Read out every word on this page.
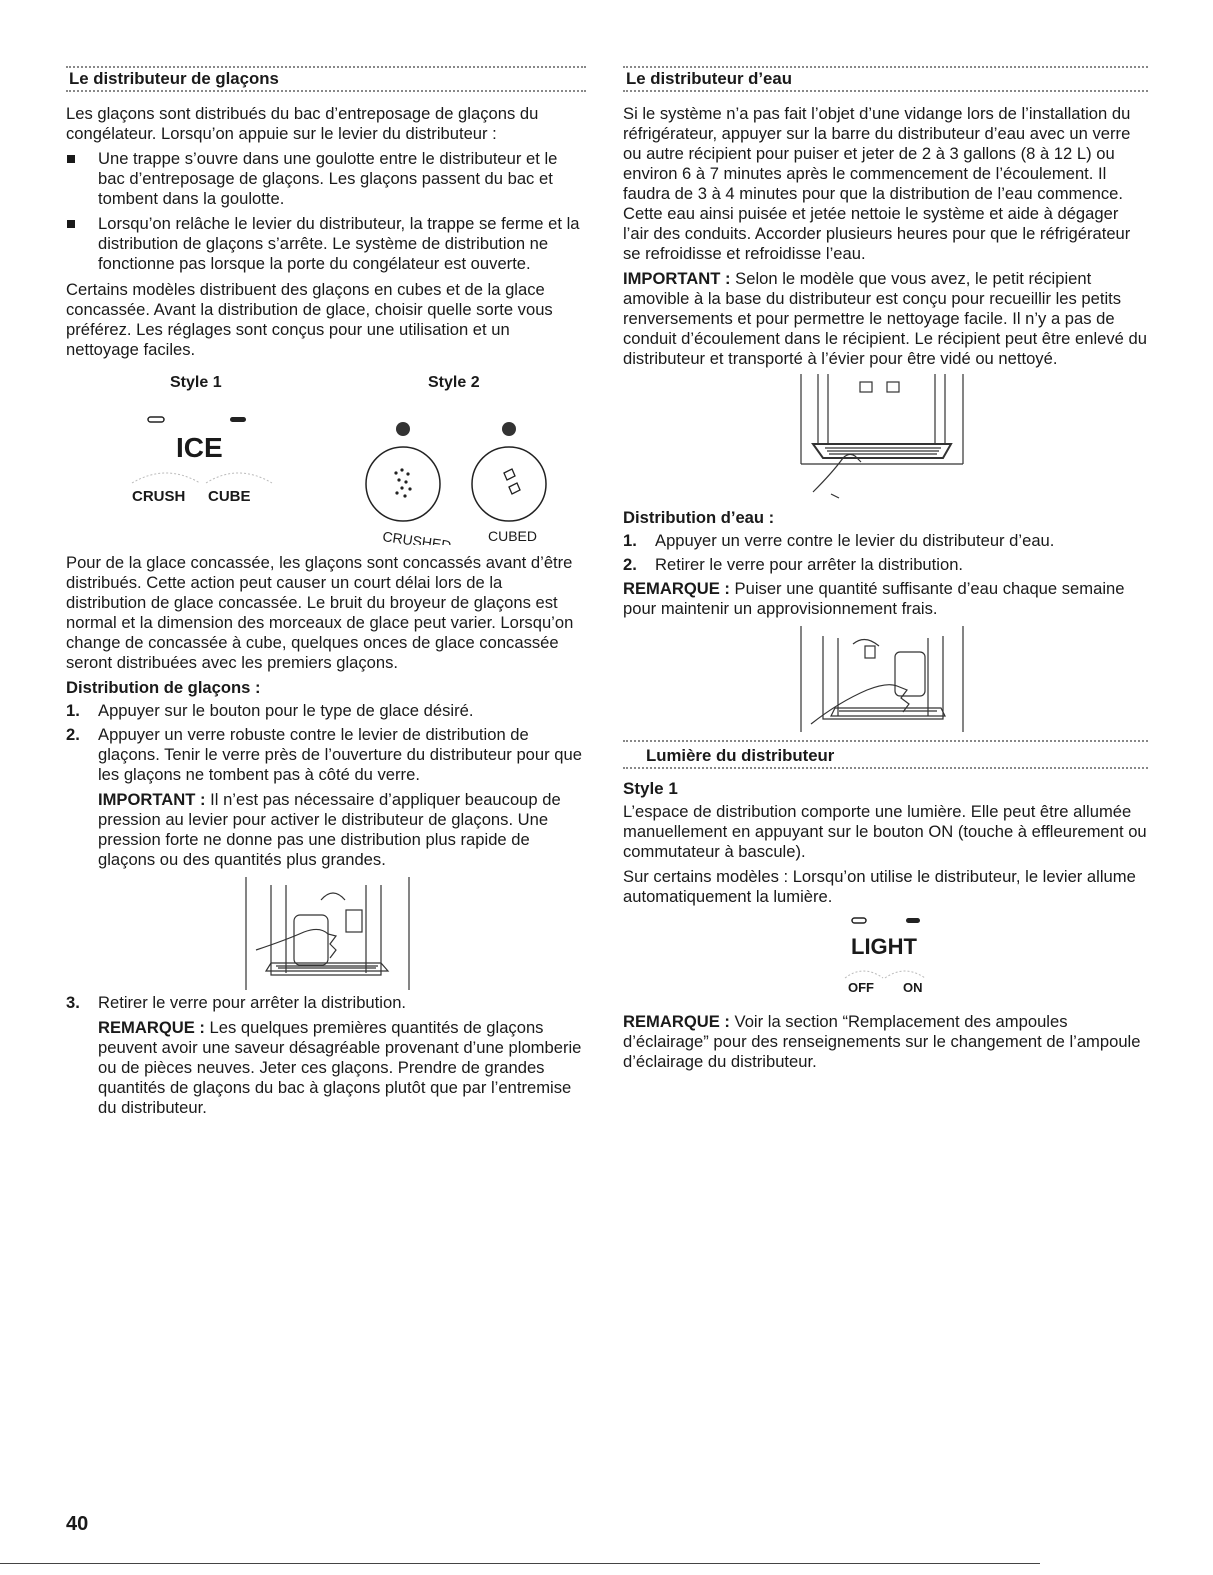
Le distributeur de glaçons

Les glaçons sont distribués du bac d’entreposage de glaçons du congélateur. Lorsqu’on appuie sur le levier du distributeur :

Une trappe s’ouvre dans une goulotte entre le distributeur et le bac d’entreposage de glaçons. Les glaçons passent du bac et tombent dans la goulotte.
Lorsqu’on relâche le levier du distributeur, la trappe se ferme et la distribution de glaçons s’arrête. Le système de distribution ne fonctionne pas lorsque la porte du congélateur est ouverte.

Certains modèles distribuent des glaçons en cubes et de la glace concassée. Avant la distribution de glace, choisir quelle sorte vous préférez. Les réglages sont conçus pour une utilisation et un nettoyage faciles.

Style 1	Style 2
ICE
CRUSH CUBE
CRUSHED	CUBED

Pour de la glace concassée, les glaçons sont concassés avant d’être distribués. Cette action peut causer un court délai lors de la distribution de glace concassée. Le bruit du broyeur de glaçons est normal et la dimension des morceaux de glace peut varier. Lorsqu’on change de concassée à cube, quelques onces de glace concassée seront distribuées avec les premiers glaçons.

Distribution de glaçons :
1. Appuyer sur le bouton pour le type de glace désiré.
2. Appuyer un verre robuste contre le levier de distribution de glaçons. Tenir le verre près de l’ouverture du distributeur pour que les glaçons ne tombent pas à côté du verre.

IMPORTANT : Il n’est pas nécessaire d’appliquer beaucoup de pression au levier pour activer le distributeur de glaçons. Une pression forte ne donne pas une distribution plus rapide de glaçons ou des quantités plus grandes.

3. Retirer le verre pour arrêter la distribution.

REMARQUE : Les quelques premières quantités de glaçons peuvent avoir une saveur désagréable provenant d’une plomberie ou de pièces neuves. Jeter ces glaçons. Prendre de grandes quantités de glaçons du bac à glaçons plutôt que par l’entremise du distributeur.

Le distributeur d’eau

Si le système n’a pas fait l’objet d’une vidange lors de l’installation du réfrigérateur, appuyer sur la barre du distributeur d’eau avec un verre ou autre récipient pour puiser et jeter de 2 à 3 gallons (8 à 12 L) ou environ 6 à 7 minutes après le commencement de l’écoulement. Il faudra de 3 à 4 minutes pour que la distribution de l’eau commence. Cette eau ainsi puisée et jetée nettoie le système et aide à dégager l’air des conduits. Accorder plusieurs heures pour que le réfrigérateur se refroidisse et refroidisse l’eau.

IMPORTANT : Selon le modèle que vous avez, le petit récipient amovible à la base du distributeur est conçu pour recueillir les petits renversements et pour permettre le nettoyage facile. Il n’y a pas de conduit d’écoulement dans le récipient. Le récipient peut être enlevé du distributeur et transporté à l’évier pour être vidé ou nettoyé.

Distribution d’eau :
1. Appuyer un verre contre le levier du distributeur d’eau.
2. Retirer le verre pour arrêter la distribution.

REMARQUE : Puiser une quantité suffisante d’eau chaque semaine pour maintenir un approvisionnement frais.

Lumière du distributeur
Style 1

L’espace de distribution comporte une lumière. Elle peut être allumée manuellement en appuyant sur le bouton ON (touche à effleurement ou commutateur à bascule).

Sur certains modèles : Lorsqu’on utilise le distributeur, le levier allume automatiquement la lumière.

LIGHT
OFF ON

REMARQUE : Voir la section “Remplacement des ampoules d’éclairage” pour des renseignements sur le changement de l’ampoule d’éclairage du distributeur.

40
